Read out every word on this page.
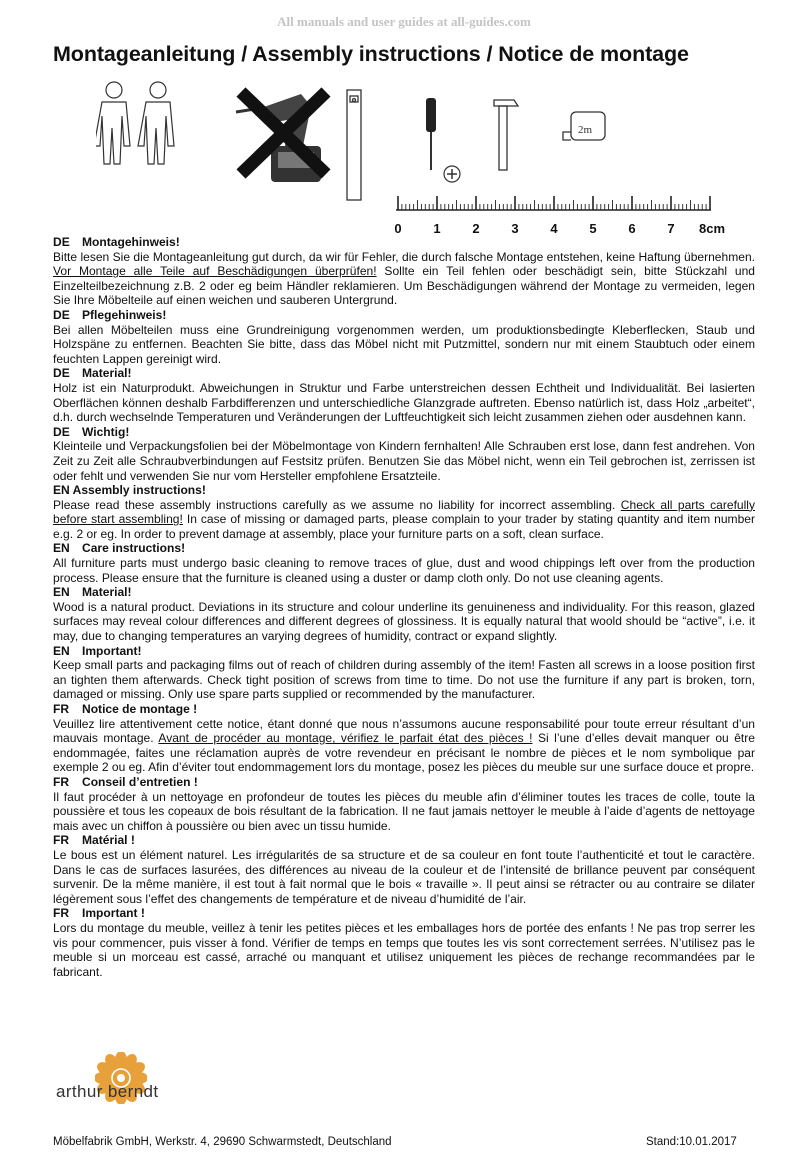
All manuals and user guides at all-guides.com
Montageanleitung / Assembly instructions / Notice de montage
2m
0 1 2 3 4 5 6 7 8cm
DE Montagehinweis!
Bitte lesen Sie die Montageanleitung gut durch, da wir für Fehler, die durch falsche Montage entstehen, keine Haftung übernehmen. Vor Montage alle Teile auf Beschädigungen überprüfen! Sollte ein Teil fehlen oder beschädigt sein, bitte Stückzahl und Einzelteilbezeichnung z.B. 2 oder eg beim Händler reklamieren. Um Beschädigungen während der Montage zu vermeiden, legen Sie Ihre Möbelteile auf einen weichen und sauberen Untergrund.
DE Pflegehinweis!
Bei allen Möbelteilen muss eine Grundreinigung vorgenommen werden, um produktionsbedingte Kleberflecken, Staub und Holzspäne zu entfernen. Beachten Sie bitte, dass das Möbel nicht mit Putzmittel, sondern nur mit einem Staubtuch oder einem feuchten Lappen gereinigt wird.
DE Material!
Holz ist ein Naturprodukt. Abweichungen in Struktur und Farbe unterstreichen dessen Echtheit und Individualität. Bei lasierten Oberflächen können deshalb Farbdifferenzen und unterschiedliche Glanzgrade auftreten. Ebenso natürlich ist, dass Holz „arbeitet“, d.h. durch wechselnde Temperaturen und Veränderungen der Luftfeuchtigkeit sich leicht zusammen ziehen oder ausdehnen kann.
DE Wichtig!
Kleinteile und Verpackungsfolien bei der Möbelmontage von Kindern fernhalten! Alle Schrauben erst lose, dann fest andrehen. Von Zeit zu Zeit alle Schraubverbindungen auf Festsitz prüfen. Benutzen Sie das Möbel nicht, wenn ein Teil gebrochen ist, zerrissen ist oder fehlt und verwenden Sie nur vom Hersteller empfohlene Ersatzteile.
EN Assembly instructions!
Please read these assembly instructions carefully as we assume no liability for incorrect assembling. Check all parts carefully before start assembling! In case of missing or damaged parts, please complain to your trader by stating quantity and item number e.g. 2 or eg. In order to prevent damage at assembly, place your furniture parts on a soft, clean surface.
EN Care instructions!
All furniture parts must undergo basic cleaning to remove traces of glue, dust and wood chippings left over from the production process. Please ensure that the furniture is cleaned using a duster or damp cloth only. Do not use cleaning agents.
EN Material!
Wood is a natural product. Deviations in its structure and colour underline its genuineness and individuality. For this reason, glazed surfaces may reveal colour differences and different degrees of glossiness. It is equally natural that woold should be “active”, i.e. it may, due to changing temperatures an varying degrees of humidity, contract or expand slightly.
EN Important!
Keep small parts and packaging films out of reach of children during assembly of the item! Fasten all screws in a loose position first an tighten them afterwards. Check tight position of screws from time to time. Do not use the furniture if any part is broken, torn, damaged or missing. Only use spare parts supplied or recommended by the manufacturer.
FR Notice de montage !
Veuillez lire attentivement cette notice, étant donné que nous n’assumons aucune responsabilité pour toute erreur résultant d’un mauvais montage. Avant de procéder au montage, vérifiez le parfait état des pièces ! Si l’une d’elles devait manquer ou être endommagée, faites une réclamation auprès de votre revendeur en précisant le nombre de pièces et le nom symbolique par exemple 2 ou eg. Afin d’éviter tout endommagement lors du montage, posez les pièces du meuble sur une surface douce et propre.
FR Conseil d’entretien !
Il faut procéder à un nettoyage en profondeur de toutes les pièces du meuble afin d’éliminer toutes les traces de colle, toute la poussière et tous les copeaux de bois résultant de la fabrication. Il ne faut jamais nettoyer le meuble à l’aide d’agents de nettoyage mais avec un chiffon à poussière ou bien avec un tissu humide.
FR Matérial !
Le bous est un élément naturel. Les irrégularités de sa structure et de sa couleur en font toute l’authenticité et tout le caractère. Dans le cas de surfaces lasurées, des différences au niveau de la couleur et de l’intensité de brillance peuvent par conséquent survenir. De la même manière, il est tout à fait normal que le bois « travaille ». Il peut ainsi se rétracter ou au contraire se dilater légèrement sous l’effet des changements de température et de niveau d’humidité de l’air.
FR Important !
Lors du montage du meuble, veillez à tenir les petites pièces et les emballages hors de portée des enfants ! Ne pas trop serrer les vis pour commencer, puis visser à fond. Vérifier de temps en temps que toutes les vis sont correctement serrées. N’utilisez pas le meuble si un morceau est cassé, arraché ou manquant et utilisez uniquement les pièces de rechange recommandées par le fabricant.
arthur berndt
Möbelfabrik GmbH, Werkstr. 4, 29690 Schwarmstedt, Deutschland	Stand:10.01.2017
